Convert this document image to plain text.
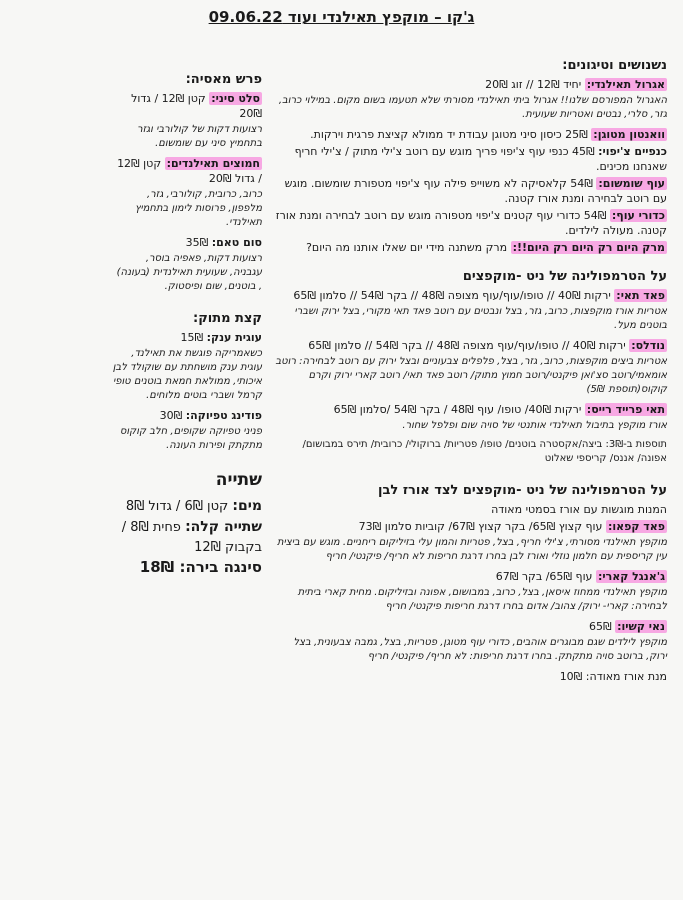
ג'קו – מוקפץ תאילנדי ועוד 09.06.22
נשנושים וטיגונים:
אגרול תאילנדי: יחיד 12₪ // זוג 20₪
האגרול המפורסם שלנו!! אגרול ביתי תאילנדי מסורתי שלא תטעמו בשום מקום. במילוי כרוב, גזר, סלרי, נבטים ואטריות שעועית.
וואנטון מטוגן: 25₪ כיסון סיני מטוגן עבודת יד ממולא קציצת פרגית וירקות.
כנפיים צ'יפוי: 45₪ כנפי עוף צ'יפוי פריך מוגש עם רוטב צ'ילי מתוק / צ'ילי חריף שאנחנו מכינים.
עוף שומשום: 54₪ קלאסיקה לא משוייפ פילה עוף צ'יפוי מטפורת שומשום. מוגש עם רוטב לבחירה ומנת אורז קטנה.
כדורי עוף: 54₪ כדורי עוף קטנים צ'יפוי מטפורה מוגש עם רוטב לבחירה ומנת אורז קטנה. מעולה לילדים.
מרק היום רק היום רק היום!!: מרק משתנה מידי יום שאלו אותנו מה היום?
על הטרמפולינה של ניט -מוקפצים
פאד תאי: ירקות 40₪ // טופו/עוף/עוף מצופה 48₪ // בקר 54₪ // סלמון 65₪
אטריות אורז מוקפצות, כרוב, גזר, בצל ונבטים עם רוטב פאד תאי מקורי, בצל ירוק ושברי בוטנים מעל.
נודלס: ירקות 40₪ // טופו/עוף/עוף מצופה 48₪ // בקר 54₪ // סלמון 65₪
אטריות ביצים מוקפצות, כרוב, גזר, בצל, פלפלים צבעוניים ובצל ירוק עם רוטב לבחירה: רוטב אומאמי/רוטב סצ'ואן פיקנטי/רוטב חמוץ מתוק/ רוטב פאד תאי/ רוטב קארי ירוק וקרם קוקוס(תוספת 5₪)
תאי פרייד רייס: ירקות 40₪/ טופו/ עוף 48₪ / בקר 54₪ /סלמון 65₪
אורז מוקפץ בתיבול תאילנדי אותנטי של סויה שום ופלפל שחור.
תוספות ב-3₪: ביצה/אקסטרה בוטנים/ טופו/ פטריות/ ברוקולי/ כרובית/ תירס במבושום/ אפונה/ אננס/ קריספי שאלוט
על הטרמפולינה של ניט -מוקפצים לצד אורז לבן
המנות מוגשות עם אורז בסמטי מאודה
פאד קפאו: עוף קצוץ 65₪/ בקר קצוץ 67₪/ קוביות סלמון 73₪
מוקפץ תאילנדי מסורתי, צ'ילי חריף, בצל, פטריות והמון עלי בזיליקום ריחניים. מוגש עם ביצית עין קריספית עם חלמון נוזלי ואורז לבן בחרו דרגת חריפות לא חריף/ פיקנטי/ חריף
ג'אנגל קארי: עוף 65₪/ בקר 67₪
מוקפץ תאילנדי ממחוז איסאן, בצל, כרוב, במבושום, אפונה ובזיליקום. מחית קארי ביתית לבחירה: קארי- ירוק/ צהוב/ אדום בחרו דרגת חריפות פיקנטי/ חריף
נאי קשיו: 65₪
מוקפץ לילדים שגם מבוגרים אוהבים, כדורי עוף מטוגן, פטריות, בצל, גמבה צבעונית, בצל ירוק, ברוטב סויה מתקתק. בחרו דרגת חריפות: לא חריף/ פיקנטי/ חריף
מנת אורז מאודה: 10₪
פרש מאסיה:
סלט סיני: קטן 12₪ / גדול 20₪
רצועות דקות של קולורבי וגזר בתחמיץ סיני עם שומשום.
חמוצים תאילנדים: קטן 12₪ / גדול 20₪
כרוב, כרובית, קולורבי, גזר, מלפפון, פרוסות לימון בתחמיץ תאילנדי.
סום טאם: 35₪
רצועות דקות, פאפיה בוסר, עגבניה, שעועית תאילנדית (בעונה) , בוטנים, שום ופיסטוק.
קצת מתוק:
עוגית ענק: 15₪
כשאמריקה פוגשת את תאילנד, עוגית ענק מושחתת עם שוקולד לבן איכותי, ממולאת חמאת בוטנים טופי קרמל ושברי בוטים מלוחים.
פודינג טפיוקה: 30₪
פניני טפיוקה שקופים, חלב קוקוס מתקתק ופירות העונה.
שתייה
מים: קטן 6₪ / גדול 8₪
שתייה קלה: פחית 8₪ / בקבוק 12₪
סינגה בירה: 18₪
